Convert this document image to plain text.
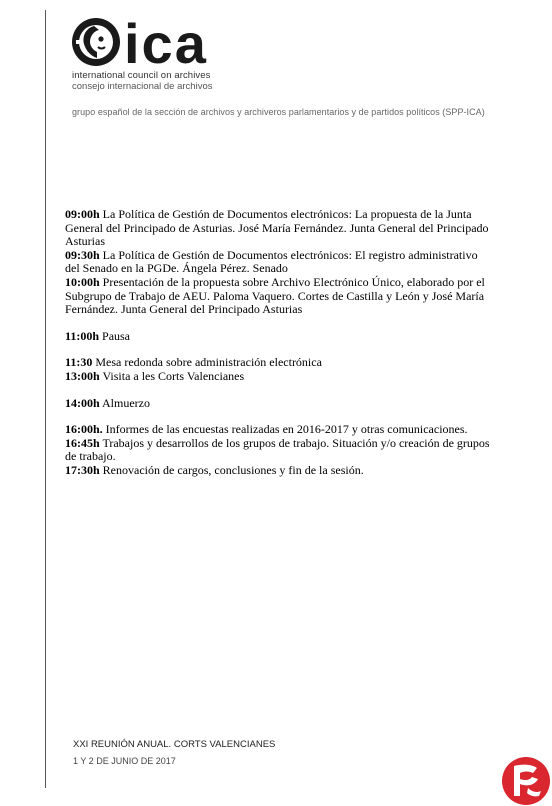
ica
international council on archives
consejo internacional de archivos
grupo español de la sección de archivos y archiveros parlamentarios y de partidos políticos (SPP-ICA)

09:00h La Política de Gestión de Documentos electrónicos: La propuesta de la Junta General del Principado de Asturias. José María Fernández. Junta General del Principado Asturias

09:30h La Política de Gestión de Documentos electrónicos: El registro administrativo del Senado en la PGDe. Ángela Pérez. Senado

10:00h Presentación de la propuesta sobre Archivo Electrónico Único, elaborado por el Subgrupo de Trabajo de AEU. Paloma Vaquero. Cortes de Castilla y León y José María Fernández. Junta General del Principado Asturias

11:00h Pausa

11:30 Mesa redonda sobre administración electrónica

13:00h Visita a les Corts Valencianes

14:00h Almuerzo

16:00h. Informes de las encuestas realizadas en 2016-2017 y otras comunicaciones.

16:45h Trabajos y desarrollos de los grupos de trabajo. Situación y/o creación de grupos de trabajo.

17:30h Renovación de cargos, conclusiones y fin de la sesión.

XXI REUNIÓN ANUAL. CORTS VALENCIANES
1 Y 2 DE JUNIO DE 2017
